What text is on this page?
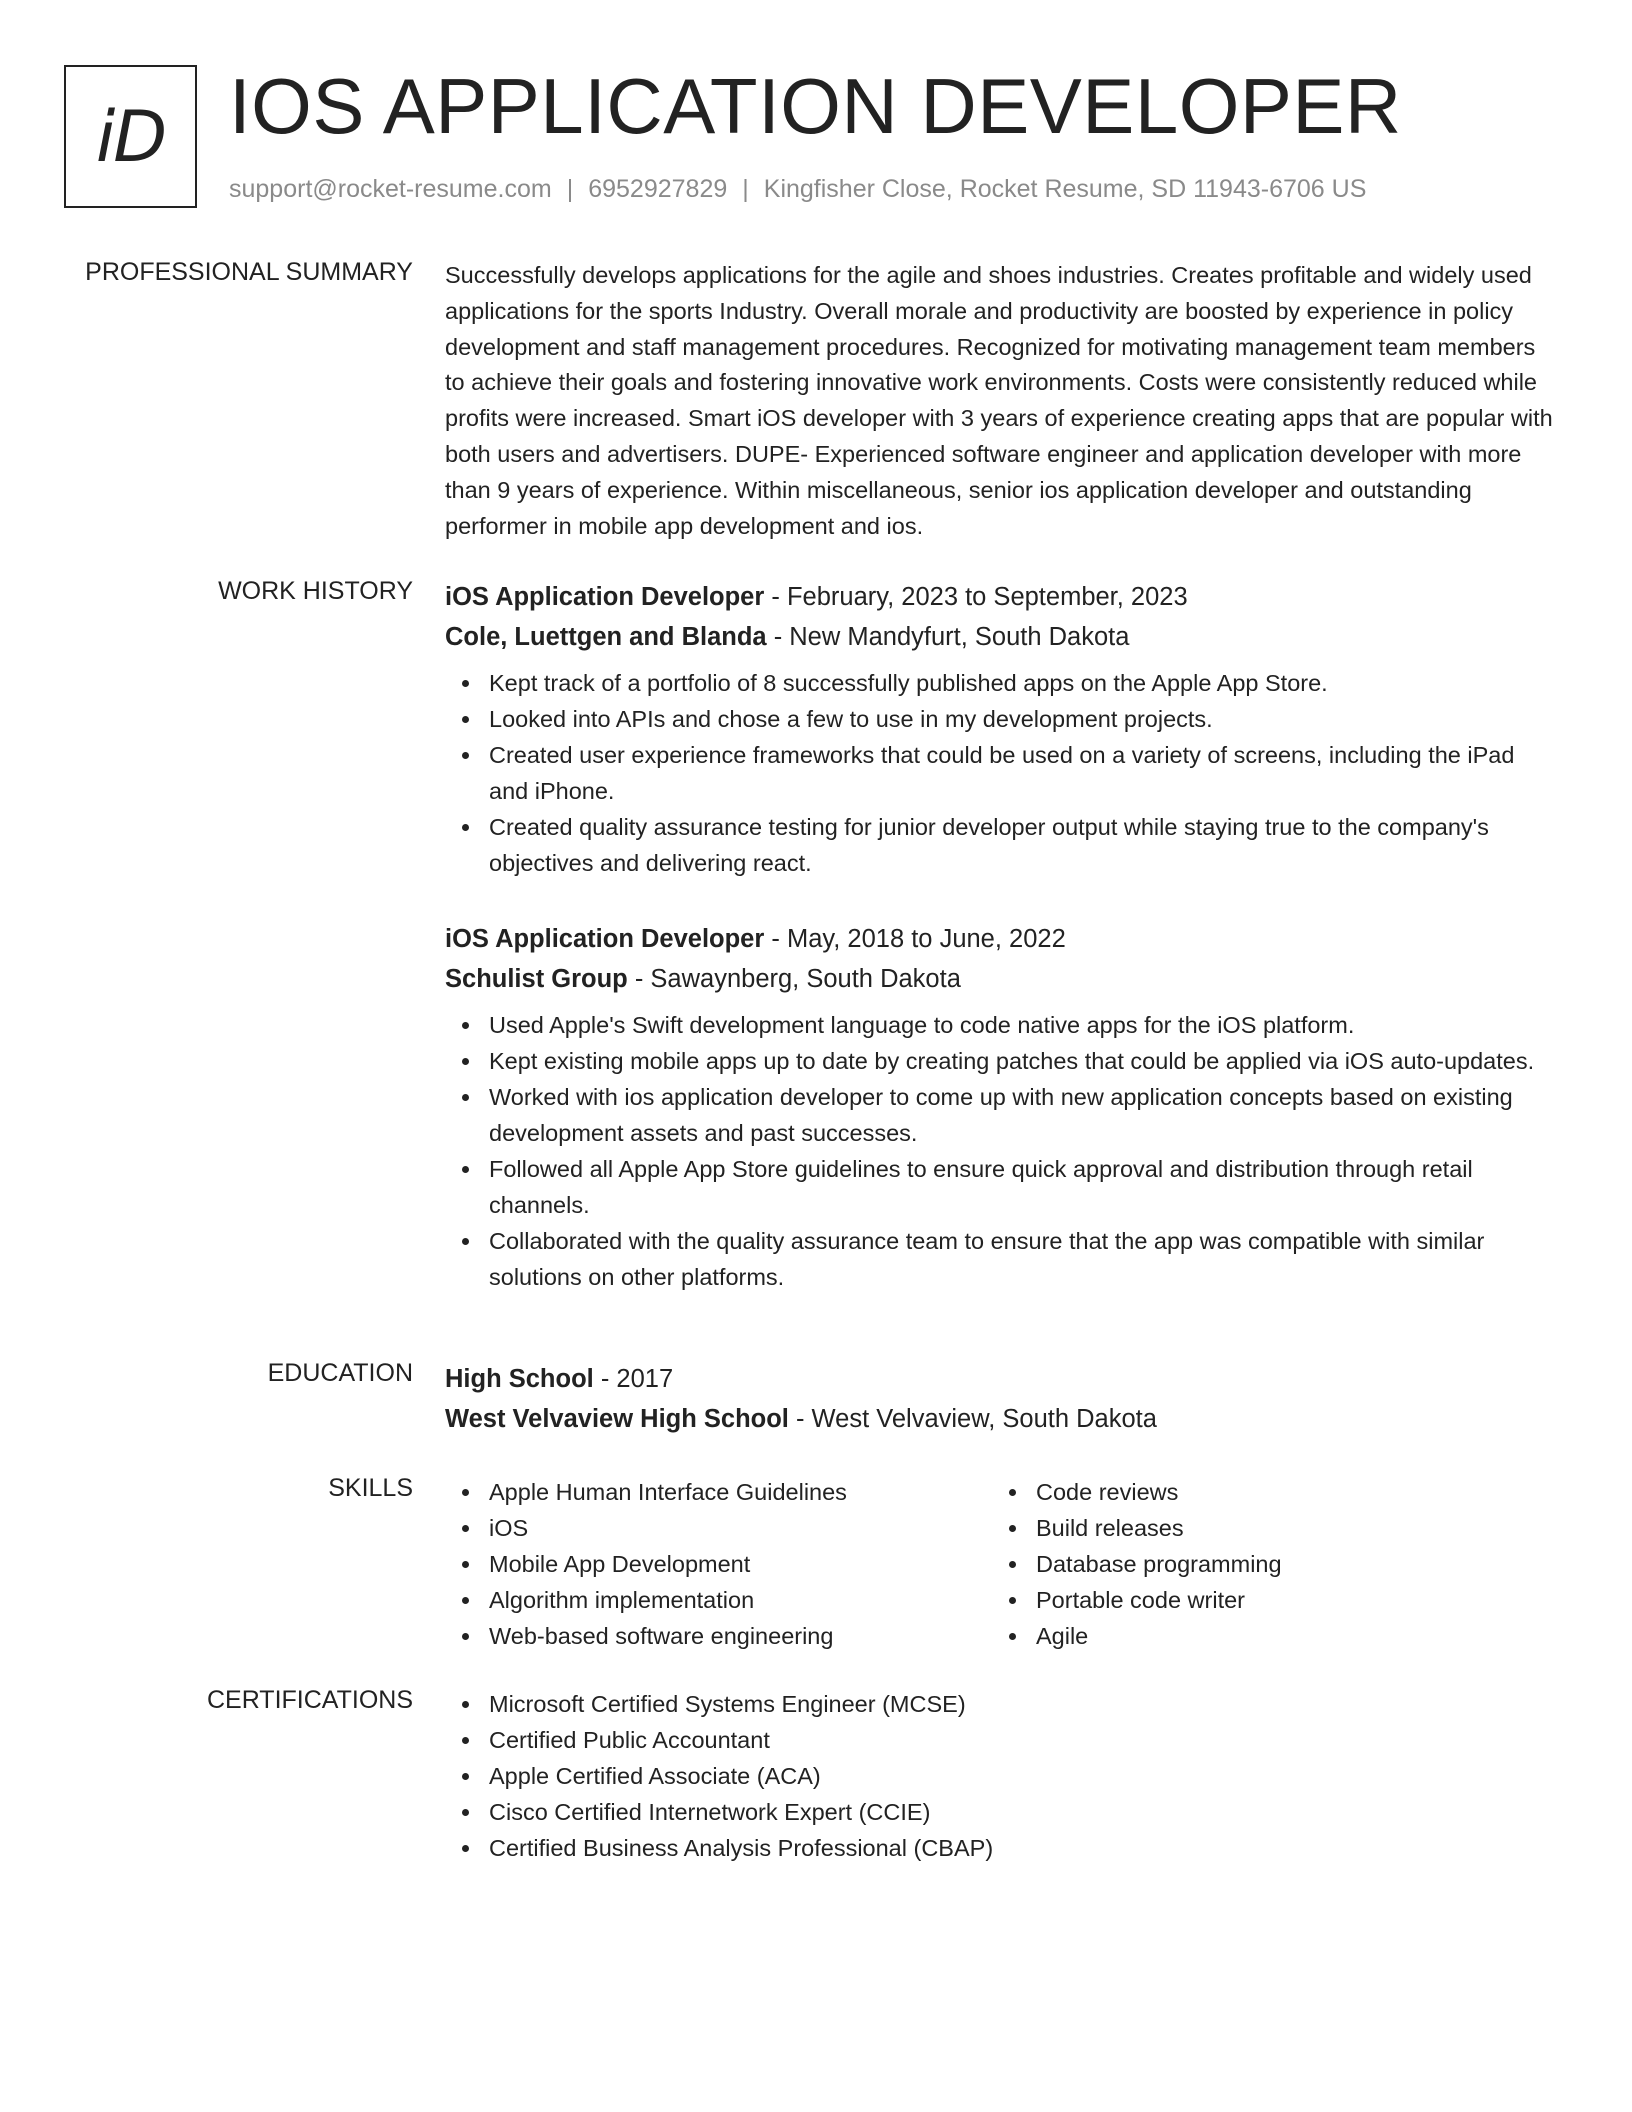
iD IOS APPLICATION DEVELOPER
support@rocket-resume.com | 6952927829 | Kingfisher Close, Rocket Resume, SD 11943-6706 US
PROFESSIONAL SUMMARY Successfully develops applications for the agile and shoes industries. Creates profitable and widely used applications for the sports Industry. Overall morale and productivity are boosted by experience in policy development and staff management procedures. Recognized for motivating management team members to achieve their goals and fostering innovative work environments. Costs were consistently reduced while profits were increased. Smart iOS developer with 3 years of experience creating apps that are popular with both users and advertisers. DUPE- Experienced software engineer and application developer with more than 9 years of experience. Within miscellaneous, senior ios application developer and outstanding performer in mobile app development and ios.
WORK HISTORY iOS Application Developer - February, 2023 to September, 2023
Cole, Luettgen and Blanda - New Mandyfurt, South Dakota
Kept track of a portfolio of 8 successfully published apps on the Apple App Store.
Looked into APIs and chose a few to use in my development projects.
Created user experience frameworks that could be used on a variety of screens, including the iPad and iPhone.
Created quality assurance testing for junior developer output while staying true to the company's objectives and delivering react.
iOS Application Developer - May, 2018 to June, 2022
Schulist Group - Sawaynberg, South Dakota
Used Apple's Swift development language to code native apps for the iOS platform.
Kept existing mobile apps up to date by creating patches that could be applied via iOS auto-updates.
Worked with ios application developer to come up with new application concepts based on existing development assets and past successes.
Followed all Apple App Store guidelines to ensure quick approval and distribution through retail channels.
Collaborated with the quality assurance team to ensure that the app was compatible with similar solutions on other platforms.
EDUCATION High School - 2017
West Velvaview High School - West Velvaview, South Dakota
SKILLS	Apple Human Interface Guidelines
iOS
Mobile App Development
Algorithm implementation
Web-based software engineering
Code reviews
Build releases
Database programming
Portable code writer
Agile
CERTIFICATIONS	Microsoft Certified Systems Engineer (MCSE)
Certified Public Accountant
Apple Certified Associate (ACA)
Cisco Certified Internetwork Expert (CCIE)
Certified Business Analysis Professional (CBAP)
